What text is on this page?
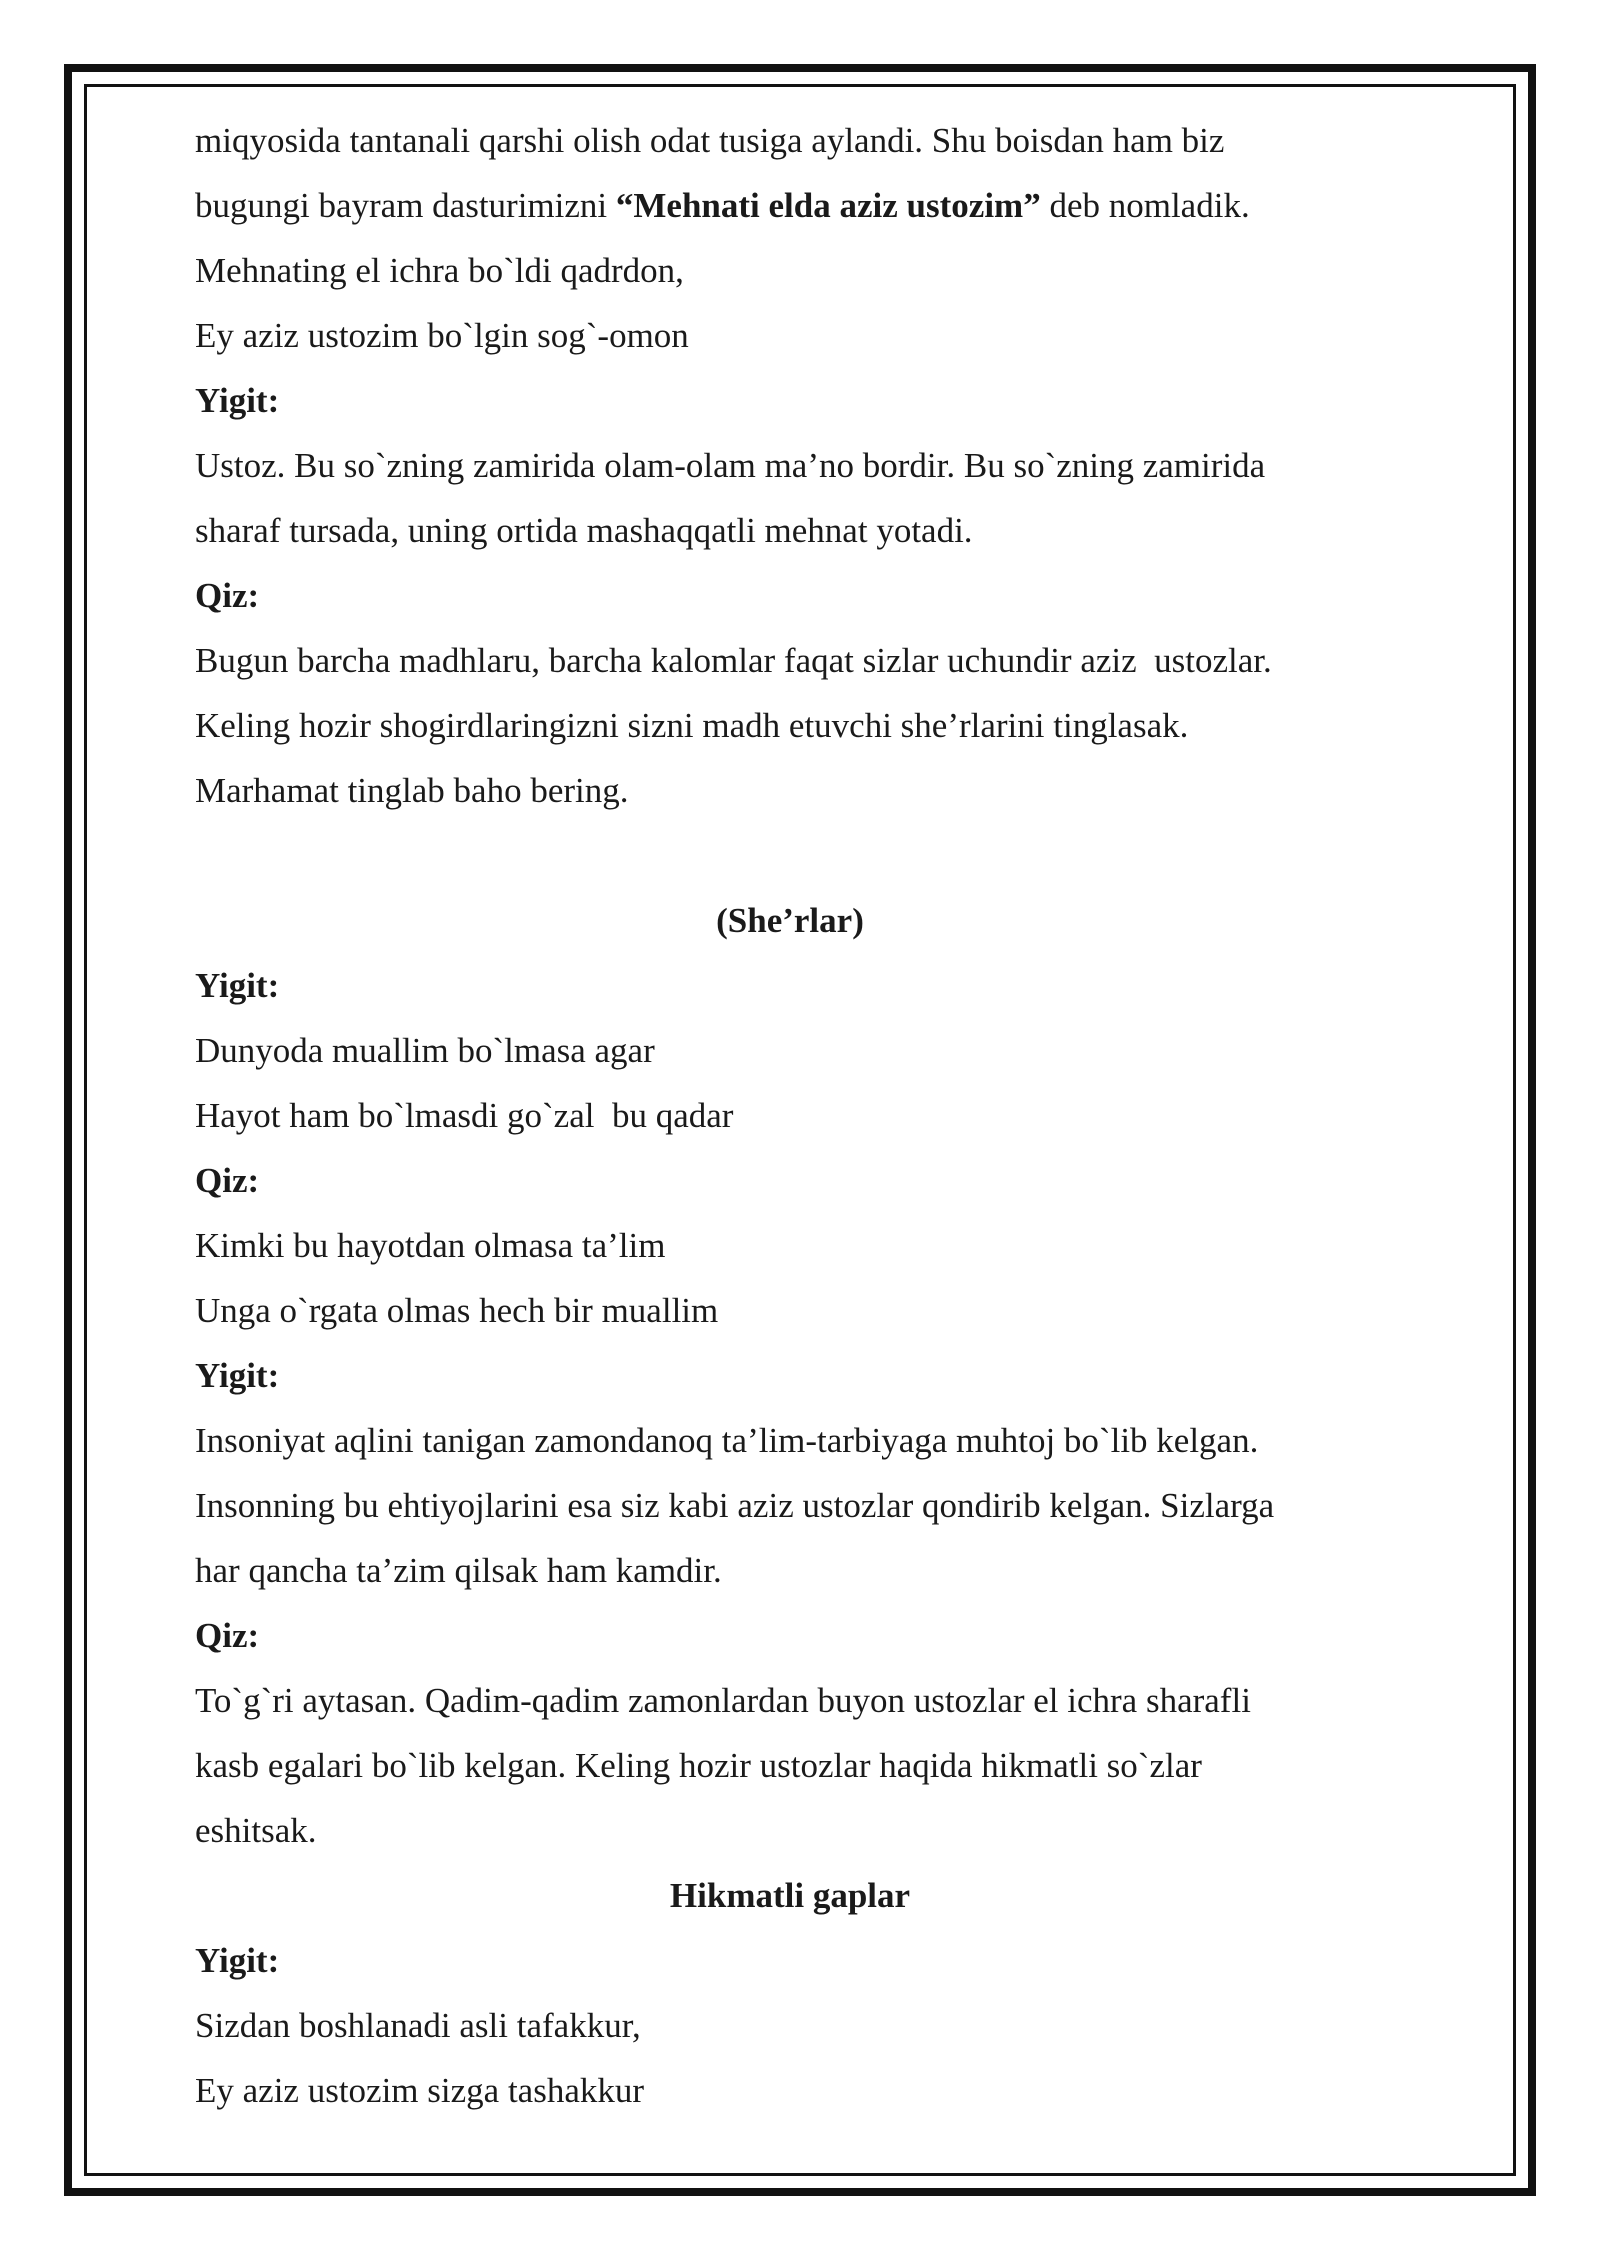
miqyosida tantanali qarshi olish odat tusiga aylandi. Shu boisdan ham biz
bugungi bayram dasturimizni “Mehnati elda aziz ustozim” deb nomladik.
Mehnating el ichra bo`ldi qadrdon,
Ey aziz ustozim bo`lgin sog`-omon
Yigit:
Ustoz. Bu so`zning zamirida olam-olam ma’no bordir. Bu so`zning zamirida
sharaf tursada, uning ortida mashaqqatli mehnat yotadi.
Qiz:
Bugun barcha madhlaru, barcha kalomlar faqat sizlar uchundir aziz  ustozlar.
Keling hozir shogirdlaringizni sizni madh etuvchi she’rlarini tinglasak.
Marhamat tinglab baho bering.
(She’rlar)
Yigit:
Dunyoda muallim bo`lmasa agar
Hayot ham bo`lmasdi go`zal  bu qadar
Qiz:
Kimki bu hayotdan olmasa ta’lim
Unga o`rgata olmas hech bir muallim
Yigit:
Insoniyat aqlini tanigan zamondanoq ta’lim-tarbiyaga muhtoj bo`lib kelgan.
Insonning bu ehtiyojlarini esa siz kabi aziz ustozlar qondirib kelgan. Sizlarga
har qancha ta’zim qilsak ham kamdir.
Qiz:
To`g`ri aytasan. Qadim-qadim zamonlardan buyon ustozlar el ichra sharafli
kasb egalari bo`lib kelgan. Keling hozir ustozlar haqida hikmatli so`zlar
eshitsak.
Hikmatli gaplar
Yigit:
Sizdan boshlanadi asli tafakkur,
Ey aziz ustozim sizga tashakkur
